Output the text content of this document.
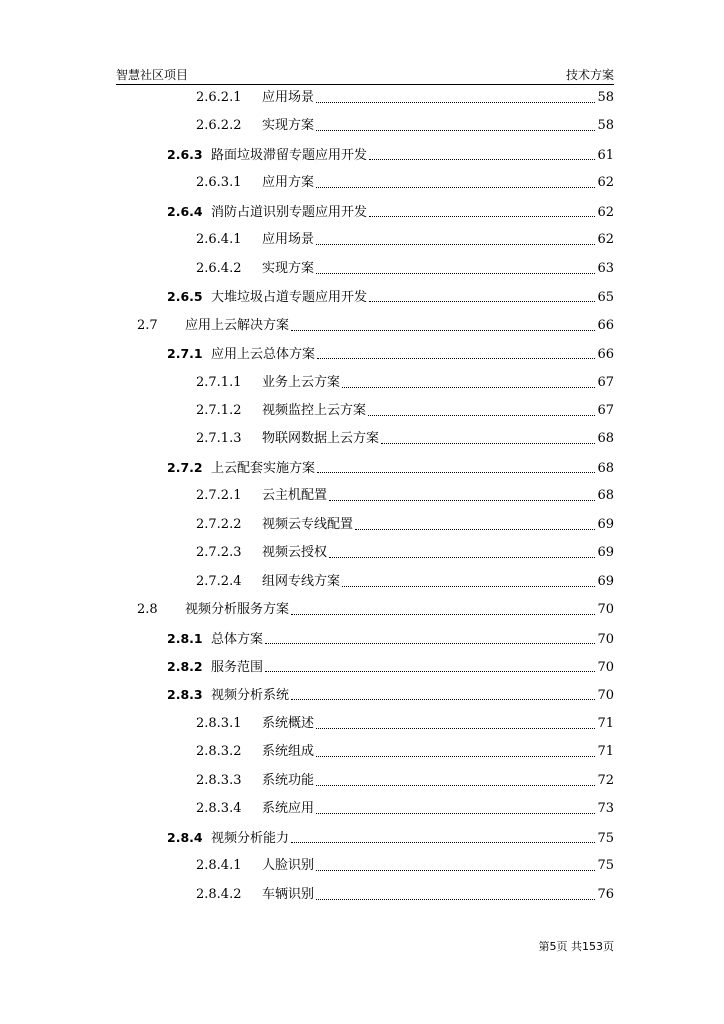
智慧社区项目	技术方案
2.6.2.1	应用场景	58
2.6.2.2	实现方案	58
2.6.3 路面垃圾滞留专题应用开发	61
2.6.3.1	应用方案	62
2.6.4 消防占道识别专题应用开发	62
2.6.4.1	应用场景	62
2.6.4.2	实现方案	63
2.6.5 大堆垃圾占道专题应用开发	65
2.7	应用上云解决方案	66
2.7.1 应用上云总体方案	66
2.7.1.1	业务上云方案	67
2.7.1.2	视频监控上云方案	67
2.7.1.3	物联网数据上云方案	68
2.7.2 上云配套实施方案	68
2.7.2.1	云主机配置	68
2.7.2.2	视频云专线配置	69
2.7.2.3	视频云授权	69
2.7.2.4	组网专线方案	69
2.8	视频分析服务方案	70
2.8.1 总体方案	70
2.8.2 服务范围	70
2.8.3 视频分析系统	70
2.8.3.1	系统概述	71
2.8.3.2	系统组成	71
2.8.3.3	系统功能	72
2.8.3.4	系统应用	73
2.8.4 视频分析能力	75
2.8.4.1	人脸识别	75
2.8.4.2	车辆识别	76
第5页 共153页
